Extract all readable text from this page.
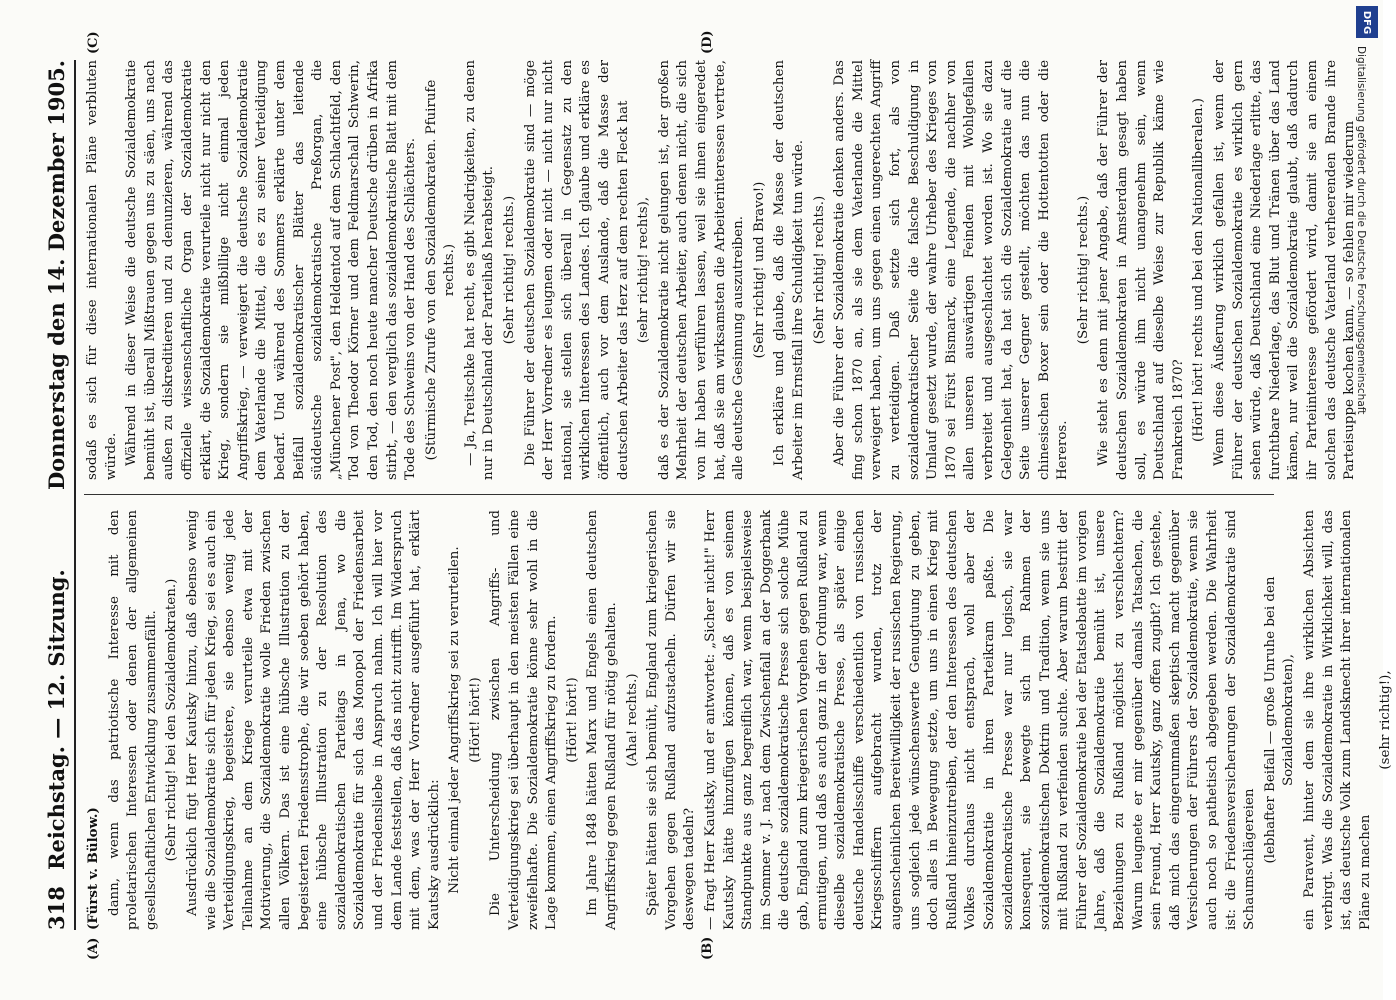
318
Reichstag. — 12. Sitzung.
Donnerstag den 14. Dezember 1905.
(A)	(B)
(C)	(D)

(Fürst v. Bülow.) dann, wenn das patriotische Interesse mit den proletarischen Interessen oder denen der allgemeinen gesellschaftlichen Entwicklung zusammenfällt. (Sehr richtig! bei den Sozialdemokraten.) Ausdrücklich fügt Herr Kautsky hinzu, daß ebenso wenig wie die Sozialdemokratie sich für jeden Krieg, sei es auch ein Verteidigungskrieg, begeistere, sie ebenso wenig jede Teilnahme an dem Kriege verurteile etwa mit der Motivierung, die Sozialdemokratie wolle Frieden zwischen allen Völkern. Das ist eine hübsche Illustration zu der begeisterten Friedensstrophe, die wir soeben gehört haben, eine hübsche Illustration zu der Resolution des sozialdemokratischen Parteitags in Jena, wo die Sozialdemokratie für sich das Monopol der Friedensarbeit und der Friedensliebe in Anspruch nahm. Ich will hier vor dem Lande feststellen, daß das nicht zutrifft. Im Widerspruch mit dem, was der Herr Vorredner ausgeführt hat, erklärt Kautsky ausdrücklich: Nicht einmal jeder Angriffskrieg sei zu verurteilen. (Hört! hört!) Die Unterscheidung zwischen Angriffs- und Verteidigungskrieg sei überhaupt in den meisten Fällen eine zweifelhafte. Die Sozialdemokratie könne sehr wohl in die Lage kommen, einen Angriffskrieg zu fordern. (Hört! hört!) Im Jahre 1848 hätten Marx und Engels einen deutschen Angriffskrieg gegen Rußland für nötig gehalten. (Aha! rechts.) Später hätten sie sich bemüht, England zum kriegerischen Vorgehen gegen Rußland aufzustacheln. Dürfen wir sie deswegen tadeln? — fragt Herr Kautsky, und er antwortet: „Sicher nicht!" Herr Kautsky hätte hinzufügen können, daß es von seinem Standpunkte aus ganz begreiflich war, wenn beispielsweise im Sommer v. J. nach dem Zwischenfall an der Doggerbank die deutsche sozialdemokratische Presse sich solche Mühe gab, England zum kriegerischen Vorgehen gegen Rußland zu ermutigen, und daß es auch ganz in der Ordnung war, wenn dieselbe sozialdemokratische Presse, als später einige deutsche Handelsschiffe verschiedentlich von russischen Kriegsschiffern aufgebracht wurden, trotz der augenscheinlichen Bereitwilligkeit der russischen Regierung, uns sogleich jede wünschenswerte Genugtuung zu geben, doch alles in Bewegung setzte, um uns in einen Krieg mit Rußland hineinzutreiben, der den Interessen des deutschen Volkes durchaus nicht entsprach, wohl aber der Sozialdemokratie in ihren Parteikram paßte. Die sozialdemokratische Presse war nur logisch, sie war konsequent, sie bewegte sich im Rahmen der sozialdemokratischen Doktrin und Tradition, wenn sie uns mit Rußland zu verfeinden suchte. Aber warum bestritt der Führer der Sozialdemokratie bei der Etatsdebatte im vorigen Jahre, daß die Sozialdemokratie bemüht ist, unsere Beziehungen zu Rußland möglichst zu verschlechtern? Warum leugnete er mir gegenüber damals Tatsachen, die sein Freund, Herr Kautsky, ganz offen zugibt? Ich gestehe, daß mich das eingerummaßen skeptisch macht gegenüber Versicherungen der Führers der Sozialdemokratie, wenn sie auch noch so pathetisch abgegeben werden. Die Wahrheit ist: die Friedensversicherungen der Sozialdemokratie sind Schaumschlägereien (lebhafter Beifall — große Unruhe bei den Sozialdemokraten), ein Paravent, hinter dem sie ihre wirklichen Absichten verbirgt. Was die Sozialdemokratie in Wirklichkeit will, das ist, das deutsche Volk zum Landsknecht ihrer internationalen Pläne zu machen

(sehr richtig!),

sodaß es sich für diese internationalen Pläne verbluten würde. Während in dieser Weise die deutsche Sozialdemokratie bemüht ist, überall Mißtrauen gegen uns zu säen, uns nach außen zu diskreditieren und zu denunzieren, während das offizielle wissenschaftliche Organ der Sozialdemokratie erklärt, die Sozialdemokratie verurteile nicht nur nicht den Krieg, sondern sie mißbillige nicht einmal jeden Angriffskrieg, — verweigert die deutsche Sozialdemokratie dem Vaterlande die Mittel, die es zu seiner Verteidigung bedarf. Und während des Sommers erklärte unter dem Beifall sozialdemokratischer Blätter das leitende süddeutsche sozialdemokratische Preßorgan, die „Münchener Post", den Heldentod auf dem Schlachtfeld, den Tod von Theodor Körner und dem Feldmarschall Schwerin, den Tod, den noch heute mancher Deutsche drüben in Afrika stirbt, — den verglich das sozialdemokratische Blatt mit dem Tode des Schweins von der Hand des Schlächters. (Stürmische Zurufe von den Sozialdemokraten. Pfuirufe rechts.) — Ja, Treitschke hat recht, es gibt Niedrigkeiten, zu denen nur in Deutschland der Parteihaß herabsteigt. (Sehr richtig! rechts.) Die Führer der deutschen Sozialdemokratie sind — möge der Herr Vorredner es leugnen oder nicht — nicht nur nicht national, sie stellen sich überall in Gegensatz zu den wirklichen Interessen des Landes. Ich glaube und erkläre es öffentlich, auch vor dem Auslande, daß die Masse der deutschen Arbeiter das Herz auf dem rechten Fleck hat (sehr richtig! rechts), daß es der Sozialdemokratie nicht gelungen ist, der großen Mehrheit der deutschen Arbeiter, auch denen nicht, die sich von ihr haben verführen lassen, weil sie ihnen eingeredet hat, daß sie am wirksamsten die Arbeiterinteressen vertrete, alle deutsche Gesinnung auszutreiben. (Sehr richtig! und Bravo!) Ich erkläre und glaube, daß die Masse der deutschen Arbeiter im Ernstfall ihre Schuldigkeit tun würde. (Sehr richtig! rechts.) Aber die Führer der Sozialdemokratie denken anders. Das fing schon 1870 an, als sie dem Vaterlande die Mittel verweigert haben, um uns gegen einen ungerechten Angriff zu verteidigen. Daß setzte sich fort, als von sozialdemokratischer Seite die falsche Beschuldigung in Umlauf gesetzt wurde, der wahre Urheber des Krieges von 1870 sei Fürst Bismarck, eine Legende, die nachher von allen unseren auswärtigen Feinden mit Wohlgefallen verbreitet und ausgeschlachtet worden ist. Wo sie dazu Gelegenheit hat, da hat sich die Sozialdemokratie auf die Seite unserer Gegner gestellt, möchten das nun die chinesischen Boxer sein oder die Hottentotten oder die Hereros.

(Sehr richtig! rechts.) Wie steht es denn mit jener Angabe, daß der Führer der deutschen Sozialdemokraten in Amsterdam gesagt haben soll, es würde ihm nicht unangenehm sein, wenn Deutschland auf dieselbe Weise zur Republik käme wie Frankreich 1870? (Hört! hört! rechts und bei den Nationalliberalen.) Wenn diese Äußerung wirklich gefallen ist, wenn der Führer der deutschen Sozialdemokratie es wirklich gern sehen würde, daß Deutschland eine Niederlage erlitte, das furchtbare Niederlage, das Blut und Tränen über das Land kämen, nur weil die Sozialdemokratie glaubt, daß dadurch ihr Parteiinteresse gefördert wird, damit sie an einem solchen das deutsche Vaterland verheerenden Brande ihre Parteisuppe kochen kann, — so fehlen mir wiederum

DFG
Digitalisierung gefördert durch die Deutsche Forschungsgemeinschaft
